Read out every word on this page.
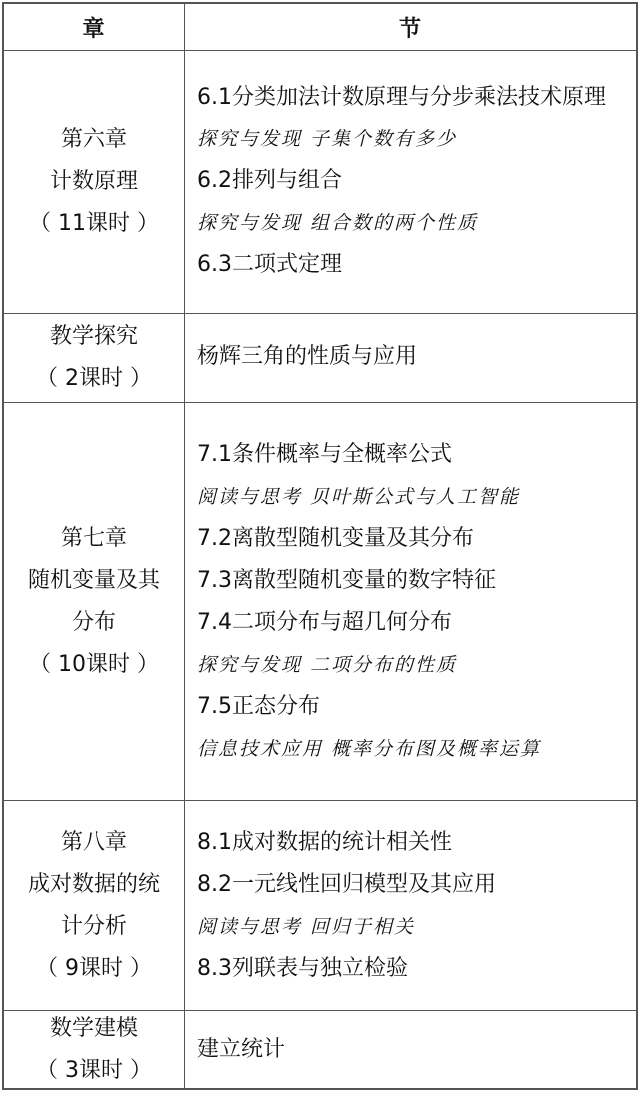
章	节
第六章
计数原理
（ 11课时 ）
6.1分类加法计数原理与分步乘法技术原理
探究与发现 子集个数有多少
6.2排列与组合
探究与发现 组合数的两个性质
6.3二项式定理
教学探究
（ 2课时 ）
杨辉三角的性质与应用
第七章
随机变量及其
分布
（ 10课时 ）
7.1条件概率与全概率公式
阅读与思考 贝叶斯公式与人工智能
7.2离散型随机变量及其分布
7.3离散型随机变量的数字特征
7.4二项分布与超几何分布
探究与发现 二项分布的性质
7.5正态分布
信息技术应用 概率分布图及概率运算
第八章
成对数据的统
计分析
（ 9课时 ）
8.1成对数据的统计相关性
8.2一元线性回归模型及其应用
阅读与思考 回归于相关
8.3列联表与独立检验
数学建模
（ 3课时 ）
建立统计
